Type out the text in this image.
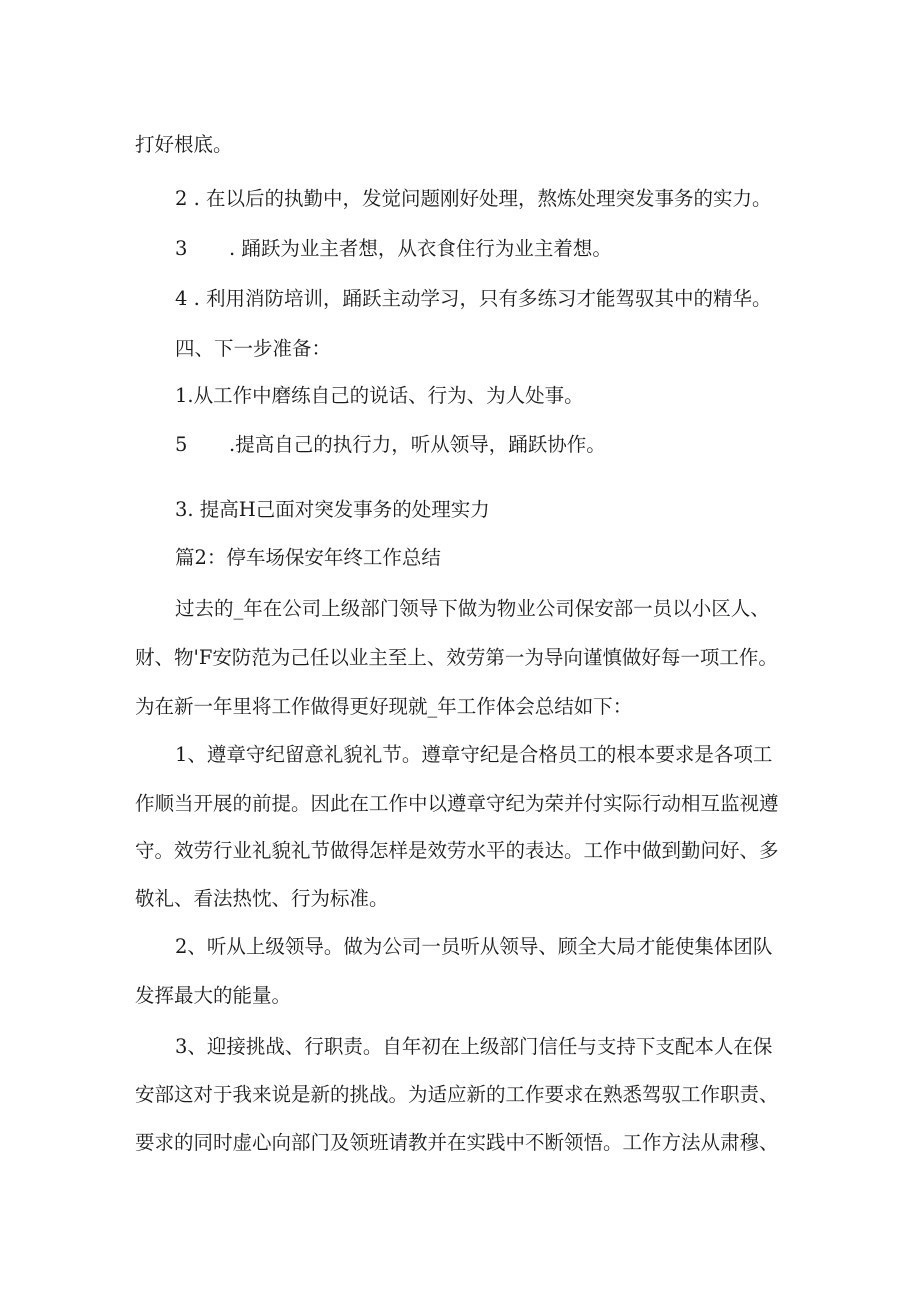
打好根底。
2 . 在以后的执勤中，发觉问题刚好处理，熬炼处理突发事务的实力。
3 . 踊跃为业主者想，从衣食住行为业主着想。
4 . 利用消防培训，踊跃主动学习，只有多练习才能驾驭其中的精华。
四、下一步准备：
1.从工作中磨练自己的说话、行为、为人处事。
5 .提高自己的执行力，听从领导，踊跃协作。
3. 提高H己面对突发事务的处理实力
篇2：停车场保安年终工作总结
过去的_年在公司上级部门领导下做为物业公司保安部一员以小区人、
财、物'F安防范为己任以业主至上、效劳第一为导向谨慎做好每一项工作。
为在新一年里将工作做得更好现就_年工作体会总结如下：
1、遵章守纪留意礼貌礼节。遵章守纪是合格员工的根本要求是各项工
作顺当开展的前提。因此在工作中以遵章守纪为荣并付实际行动相互监视遵
守。效劳行业礼貌礼节做得怎样是效劳水平的表达。工作中做到勤问好、多
敬礼、看法热忱、行为标准。
2、听从上级领导。做为公司一员听从领导、顾全大局才能使集体团队
发挥最大的能量。
3、迎接挑战、行职责。自年初在上级部门信任与支持下支配本人在保
安部这对于我来说是新的挑战。为适应新的工作要求在熟悉驾驭工作职责、
要求的同时虚心向部门及领班请教并在实践中不断领悟。工作方法从肃穆、
